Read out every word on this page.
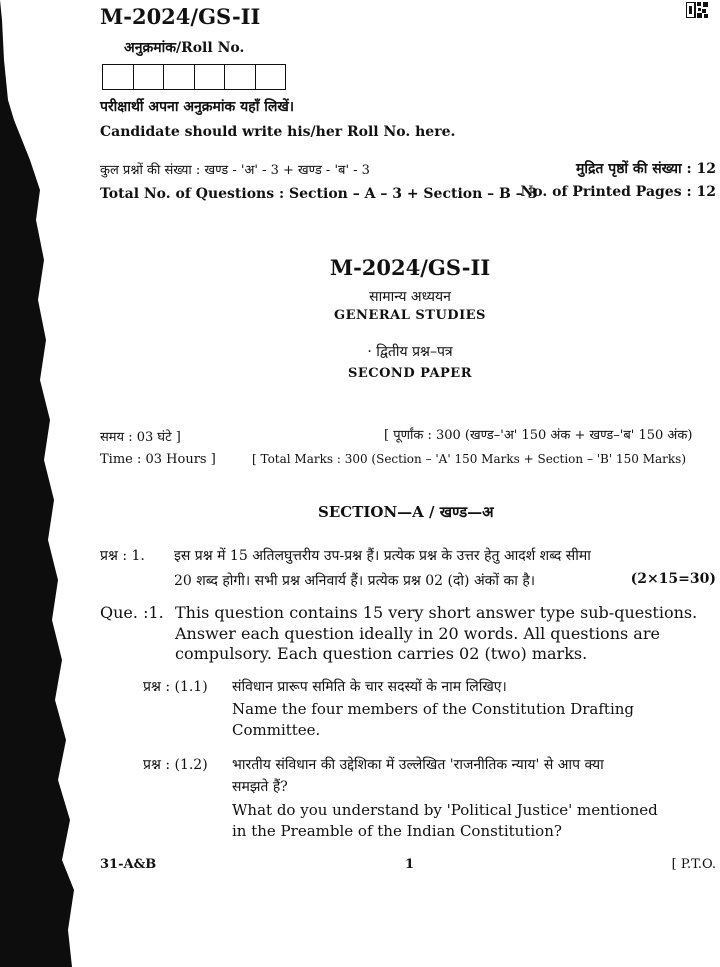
M-2024/GS-II
अनुक्रमांक/Roll No.
परीक्षार्थी अपना अनुक्रमांक यहाँ लिखें।
Candidate should write his/her Roll No. here.
कुल प्रश्नों की संख्या : खण्ड - 'अ' - 3 + खण्ड - 'ब' - 3	मुद्रित पृष्ठों की संख्या : 12
Total No. of Questions : Section – A – 3 + Section – B – 3
No. of Printed Pages : 12
M-2024/GS-II
सामान्य अध्ययन
GENERAL STUDIES
· द्वितीय प्रश्न–पत्र
SECOND PAPER
समय : 03 घंटे ]	[ पूर्णांक : 300 (खण्ड–'अ' 150 अंक + खण्ड–'ब' 150 अंक)
Time : 03 Hours ]	[ Total Marks : 300 (Section – 'A' 150 Marks + Section – 'B' 150 Marks)
SECTION—A / खण्ड—अ
प्रश्न : 1. इस प्रश्न में 15 अतिलघुत्तरीय उप-प्रश्न हैं। प्रत्येक प्रश्न के उत्तर हेतु आदर्श शब्द सीमा
20 शब्द होगी। सभी प्रश्न अनिवार्य हैं। प्रत्येक प्रश्न 02 (दो) अंकों का है।	(2×15=30)
Que. :1. This question contains 15 very short answer type sub-questions.
Answer each question ideally in 20 words. All questions are
compulsory. Each question carries 02 (two) marks.
प्रश्न : (1.1) संविधान प्रारूप समिति के चार सदस्यों के नाम लिखिए।
Name the four members of the Constitution Drafting
Committee.
प्रश्न : (1.2) भारतीय संविधान की उद्देशिका में उल्लेखित 'राजनीतिक न्याय' से आप क्या
समझते हैं?
What do you understand by 'Political Justice' mentioned
in the Preamble of the Indian Constitution?
31-A&B	1	[ P.T.O.
